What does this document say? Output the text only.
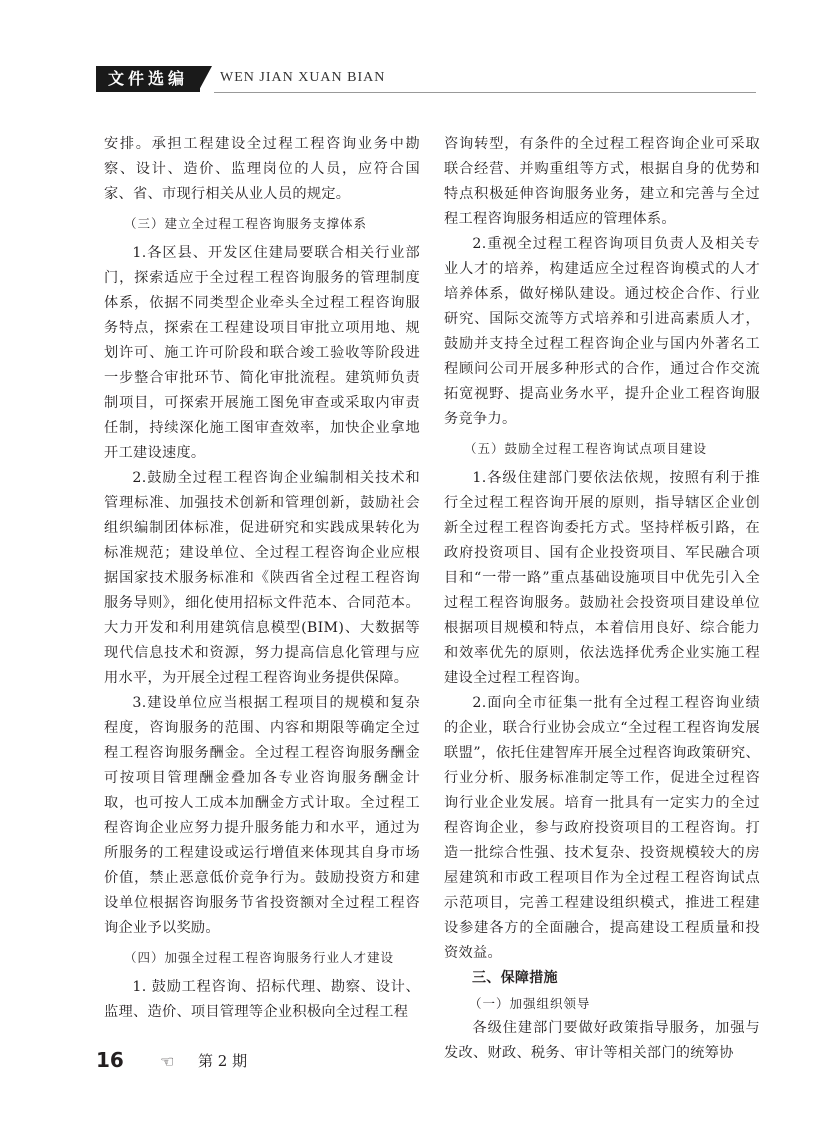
文件选编	WEN JIAN XUAN BIAN

安排。承担工程建设全过程工程咨询业务中勘察、设计、造价、监理岗位的人员，应符合国家、省、市现行相关从业人员的规定。

（三）建立全过程工程咨询服务支撑体系

1.各区县、开发区住建局要联合相关行业部门，探索适应于全过程工程咨询服务的管理制度体系，依据不同类型企业牵头全过程工程咨询服务特点，探索在工程建设项目审批立项用地、规划许可、施工许可阶段和联合竣工验收等阶段进一步整合审批环节、简化审批流程。建筑师负责制项目，可探索开展施工图免审查或采取内审责任制，持续深化施工图审查效率，加快企业拿地开工建设速度。

2.鼓励全过程工程咨询企业编制相关技术和管理标准、加强技术创新和管理创新，鼓励社会组织编制团体标准，促进研究和实践成果转化为标准规范；建设单位、全过程工程咨询企业应根据国家技术服务标准和《陕西省全过程工程咨询服务导则》，细化使用招标文件范本、合同范本。大力开发和利用建筑信息模型(BIM)、大数据等现代信息技术和资源，努力提高信息化管理与应用水平，为开展全过程工程咨询业务提供保障。

3.建设单位应当根据工程项目的规模和复杂程度，咨询服务的范围、内容和期限等确定全过程工程咨询服务酬金。全过程工程咨询服务酬金可按项目管理酬金叠加各专业咨询服务酬金计取，也可按人工成本加酬金方式计取。全过程工程咨询企业应努力提升服务能力和水平，通过为所服务的工程建设或运行增值来体现其自身市场价值，禁止恶意低价竞争行为。鼓励投资方和建设单位根据咨询服务节省投资额对全过程工程咨询企业予以奖励。

（四）加强全过程工程咨询服务行业人才建设

1. 鼓励工程咨询、招标代理、勘察、设计、监理、造价、项目管理等企业积极向全过程工程

咨询转型，有条件的全过程工程咨询企业可采取联合经营、并购重组等方式，根据自身的优势和特点积极延伸咨询服务业务，建立和完善与全过程工程咨询服务相适应的管理体系。

2.重视全过程工程咨询项目负责人及相关专业人才的培养，构建适应全过程咨询模式的人才培养体系，做好梯队建设。通过校企合作、行业研究、国际交流等方式培养和引进高素质人才，鼓励并支持全过程工程咨询企业与国内外著名工程顾问公司开展多种形式的合作，通过合作交流拓宽视野、提高业务水平，提升企业工程咨询服务竞争力。

（五）鼓励全过程工程咨询试点项目建设

1.各级住建部门要依法依规，按照有利于推行全过程工程咨询开展的原则，指导辖区企业创新全过程工程咨询委托方式。坚持样板引路，在政府投资项目、国有企业投资项目、军民融合项目和“一带一路”重点基础设施项目中优先引入全过程工程咨询服务。鼓励社会投资项目建设单位根据项目规模和特点，本着信用良好、综合能力和效率优先的原则，依法选择优秀企业实施工程建设全过程工程咨询。

2.面向全市征集一批有全过程工程咨询业绩的企业，联合行业协会成立“全过程工程咨询发展联盟”，依托住建智库开展全过程咨询政策研究、行业分析、服务标准制定等工作，促进全过程咨询行业企业发展。培育一批具有一定实力的全过程咨询企业，参与政府投资项目的工程咨询。打造一批综合性强、技术复杂、投资规模较大的房屋建筑和市政工程项目作为全过程工程咨询试点示范项目，完善工程建设组织模式，推进工程建设参建各方的全面融合，提高建设工程质量和投资效益。

三、保障措施

（一）加强组织领导

各级住建部门要做好政策指导服务，加强与发改、财政、税务、审计等相关部门的统筹协

16 ☜ 第 2 期
